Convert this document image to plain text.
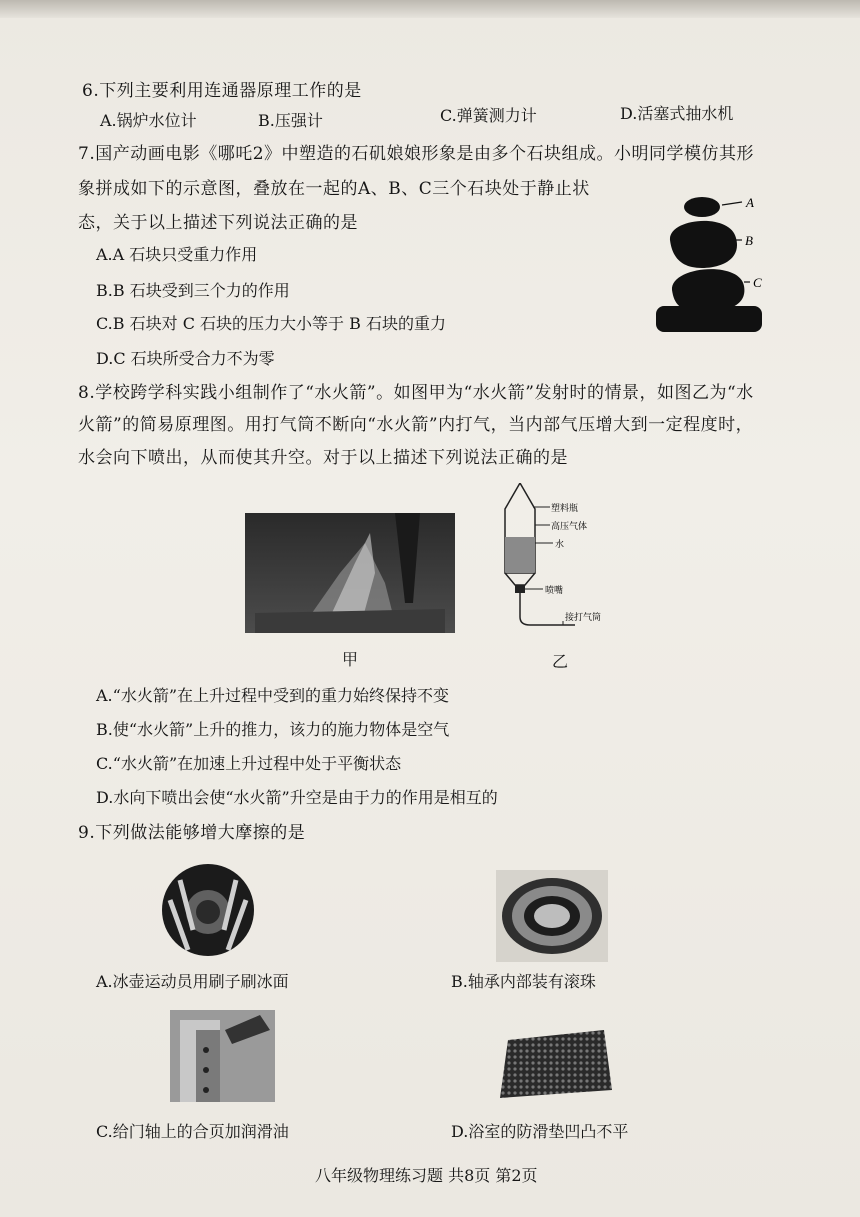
6.下列主要利用连通器原理工作的是
A.锅炉水位计	B.压强计	C.弹簧测力计	D.活塞式抽水机
7.国产动画电影《哪吒2》中塑造的石矶娘娘形象是由多个石块组成。小明同学模仿其形
象拼成如下的示意图，叠放在一起的A、B、C三个石块处于静止状
态，关于以上描述下列说法正确的是
A.A 石块只受重力作用
B.B 石块受到三个力的作用
C.B 石块对 C 石块的压力大小等于 B 石块的重力
D.C 石块所受合力不为零
A
B
C
8.学校跨学科实践小组制作了“水火箭”。如图甲为“水火箭”发射时的情景，如图乙为“水
火箭”的简易原理图。用打气筒不断向“水火箭”内打气，当内部气压增大到一定程度时，
水会向下喷出，从而使其升空。对于以上描述下列说法正确的是
塑料瓶
高压气体
水
喷嘴
接打气筒
甲	乙
A.“水火箭”在上升过程中受到的重力始终保持不变
B.使“水火箭”上升的推力，该力的施力物体是空气
C.“水火箭”在加速上升过程中处于平衡状态
D.水向下喷出会使“水火箭”升空是由于力的作用是相互的
9.下列做法能够增大摩擦的是
A.冰壶运动员用刷子刷冰面	B.轴承内部装有滚珠
C.给门轴上的合页加润滑油	D.浴室的防滑垫凹凸不平
八年级物理练习题 共8页 第2页
